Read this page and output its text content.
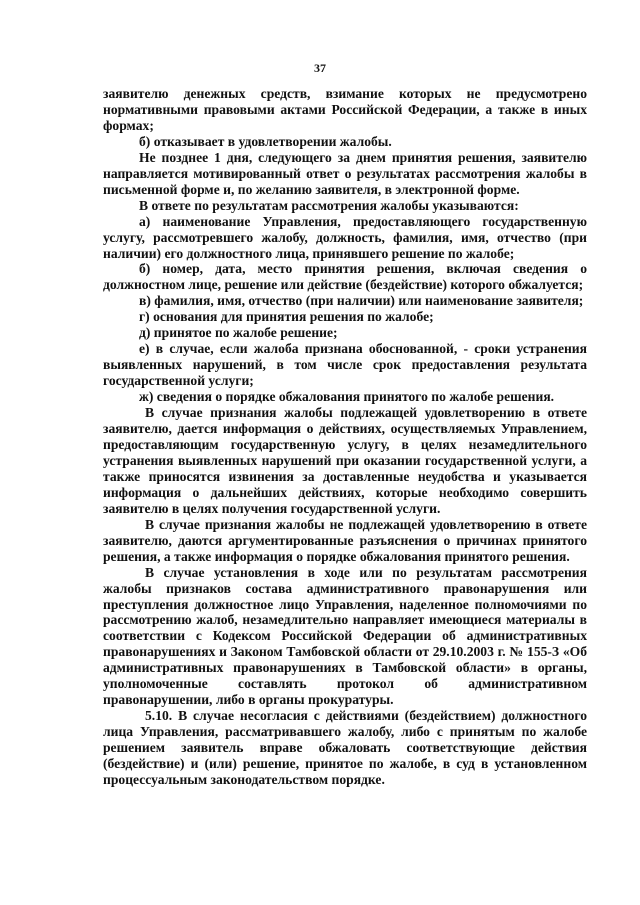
37

заявителю денежных средств, взимание которых не предусмотрено нормативными правовыми актами Российской Федерации, а также в иных формах;

б) отказывает в удовлетворении жалобы.

Не позднее 1 дня, следующего за днем принятия решения, заявителю направляется мотивированный ответ о результатах рассмотрения жалобы в письменной форме и, по желанию заявителя, в электронной форме.

В ответе по результатам рассмотрения жалобы указываются:

а) наименование Управления, предоставляющего государственную услугу, рассмотревшего жалобу, должность, фамилия, имя, отчество (при наличии) его должностного лица, принявшего решение по жалобе;

б) номер, дата, место принятия решения, включая сведения о должностном лице, решение или действие (бездействие) которого обжалуется;

в) фамилия, имя, отчество (при наличии) или наименование заявителя;

г) основания для принятия решения по жалобе;

д) принятое по жалобе решение;

е) в случае, если жалоба признана обоснованной, - сроки устранения выявленных нарушений, в том числе срок предоставления результата государственной услуги;

ж) сведения о порядке обжалования принятого по жалобе решения.

В случае признания жалобы подлежащей удовлетворению в ответе заявителю, дается информация о действиях, осуществляемых Управлением, предоставляющим государственную услугу, в целях незамедлительного устранения выявленных нарушений при оказании государственной услуги, а также приносятся извинения за доставленные неудобства и указывается информация о дальнейших действиях, которые необходимо совершить заявителю в целях получения государственной услуги.

В случае признания жалобы не подлежащей удовлетворению в ответе заявителю, даются аргументированные разъяснения о причинах принятого решения, а также информация о порядке обжалования принятого решения.

В случае установления в ходе или по результатам рассмотрения жалобы признаков состава административного правонарушения или преступления должностное лицо Управления, наделенное полномочиями по рассмотрению жалоб, незамедлительно направляет имеющиеся материалы в соответствии с Кодексом Российской Федерации об административных правонарушениях и Законом Тамбовской области от 29.10.2003 г. № 155-З «Об административных правонарушениях в Тамбовской области» в органы, уполномоченные составлять протокол об административном правонарушении, либо в органы прокуратуры.

5.10. В случае несогласия с действиями (бездействием) должностного лица Управления, рассматривавшего жалобу, либо с принятым по жалобе решением заявитель вправе обжаловать соответствующие действия (бездействие) и (или) решение, принятое по жалобе, в суд в установленном процессуальным законодательством порядке.
